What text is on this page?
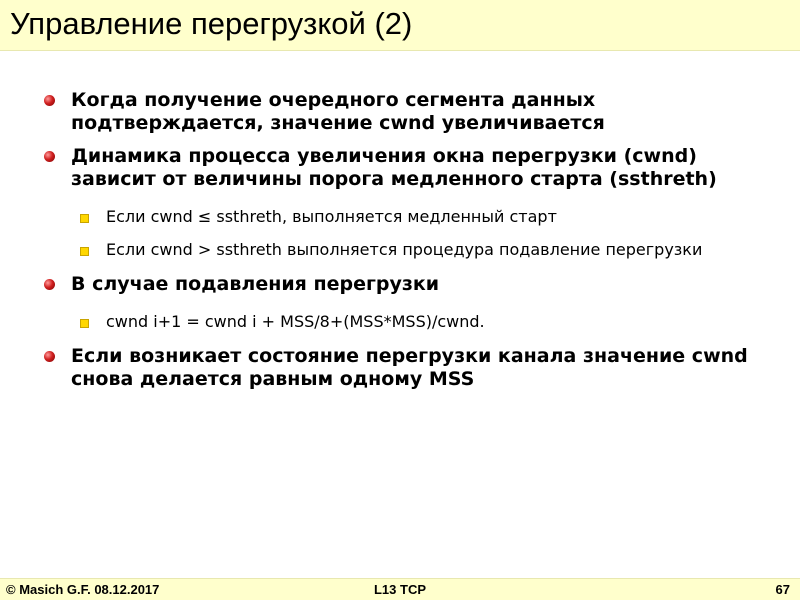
Управление перегрузкой (2)
Когда получение очередного сегмента данных подтверждается, значение cwnd увеличивается
Динамика процесса увеличения окна перегрузки (cwnd) зависит от величины порога медленного старта (ssthreth)
Если cwnd ≤ ssthreth, выполняется медленный старт
Если cwnd > ssthreth выполняется процедура подавление перегрузки
В случае подавления перегрузки
cwnd i+1 = cwnd i + MSS/8+(MSS*MSS)/cwnd.
Если возникает состояние перегрузки канала значение cwnd снова делается равным одному MSS
© Masich G.F. 08.12.2017	L13 TCP	67
